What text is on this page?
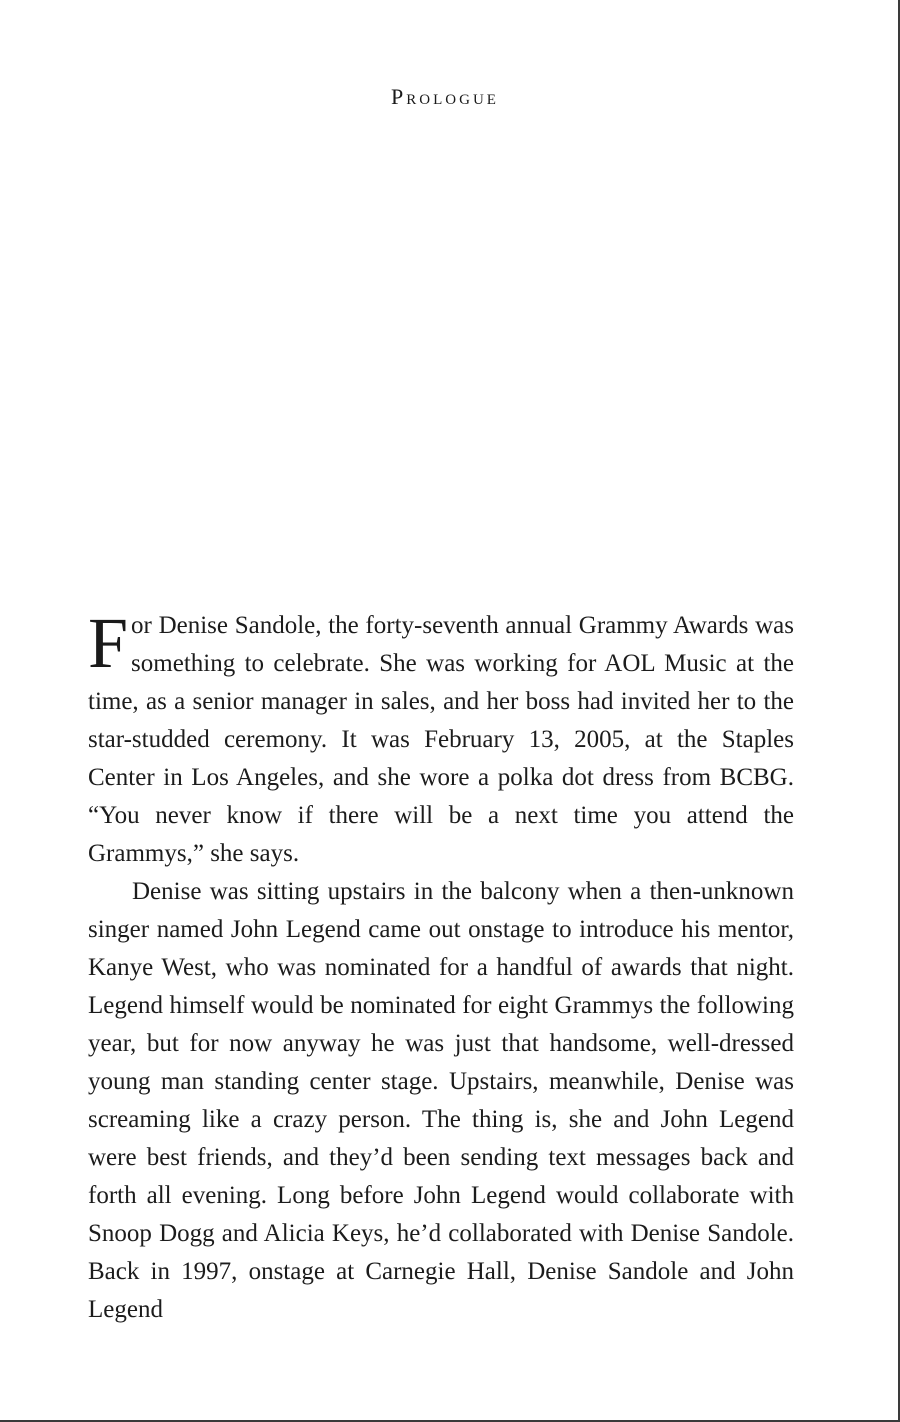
Prologue

For Denise Sandole, the forty-seventh annual Grammy Awards was something to celebrate. She was working for AOL Music at the time, as a senior manager in sales, and her boss had invited her to the star-studded ceremony. It was February 13, 2005, at the Staples Center in Los Angeles, and she wore a polka dot dress from BCBG. “You never know if there will be a next time you attend the Grammys,” she says.

Denise was sitting upstairs in the balcony when a then-unknown singer named John Legend came out onstage to introduce his mentor, Kanye West, who was nominated for a handful of awards that night. Legend himself would be nominated for eight Grammys the following year, but for now anyway he was just that handsome, well-dressed young man standing center stage. Upstairs, meanwhile, Denise was screaming like a crazy person. The thing is, she and John Legend were best friends, and they’d been sending text messages back and forth all evening. Long before John Legend would collaborate with Snoop Dogg and Alicia Keys, he’d collaborated with Denise Sandole. Back in 1997, onstage at Carnegie Hall, Denise Sandole and John Legend
